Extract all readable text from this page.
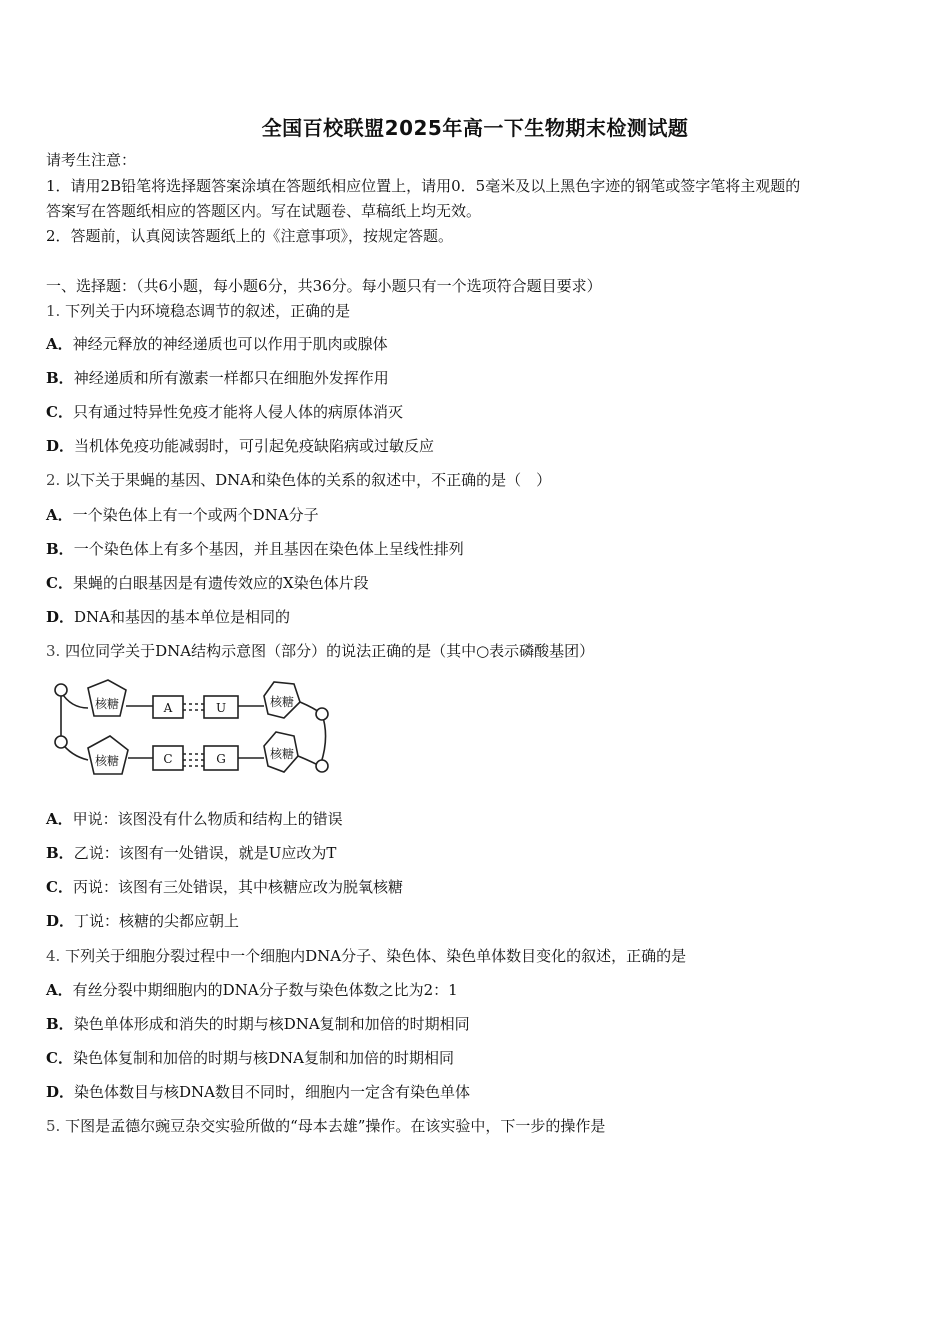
全国百校联盟2025年高一下生物期末检测试题
请考生注意：
1．请用2B铅笔将选择题答案涂填在答题纸相应位置上，请用0．5毫米及以上黑色字迹的钢笔或签字笔将主观题的
答案写在答题纸相应的答题区内。写在试题卷、草稿纸上均无效。
2．答题前，认真阅读答题纸上的《注意事项》，按规定答题。
一、选择题：（共6小题，每小题6分，共36分。每小题只有一个选项符合题目要求）
1. 下列关于内环境稳态调节的叙述，正确的是
A．神经元释放的神经递质也可以作用于肌肉或腺体
B．神经递质和所有激素一样都只在细胞外发挥作用
C．只有通过特异性免疫才能将人侵人体的病原体消灭
D．当机体免疫功能减弱时，可引起免疫缺陷病或过敏反应
2. 以下关于果蝇的基因、DNA和染色体的关系的叙述中，不正确的是（　）
A．一个染色体上有一个或两个DNA分子
B．一个染色体上有多个基因，并且基因在染色体上呈线性排列
C．果蝇的白眼基因是有遗传效应的X染色体片段
D．DNA和基因的基本单位是相同的
3. 四位同学关于DNA结构示意图（部分）的说法正确的是（其中○表示磷酸基团）
核糖
核糖
核糖
核糖
A	U
C	G
A．甲说：该图没有什么物质和结构上的错误
B．乙说：该图有一处错误，就是U应改为T
C．丙说：该图有三处错误，其中核糖应改为脱氧核糖
D．丁说：核糖的尖都应朝上
4. 下列关于细胞分裂过程中一个细胞内DNA分子、染色体、染色单体数目变化的叙述，正确的是
A．有丝分裂中期细胞内的DNA分子数与染色体数之比为2：1
B．染色单体形成和消失的时期与核DNA复制和加倍的时期相同
C．染色体复制和加倍的时期与核DNA复制和加倍的时期相同
D．染色体数目与核DNA数目不同时，细胞内一定含有染色单体
5. 下图是孟德尔豌豆杂交实验所做的“母本去雄”操作。在该实验中，下一步的操作是
